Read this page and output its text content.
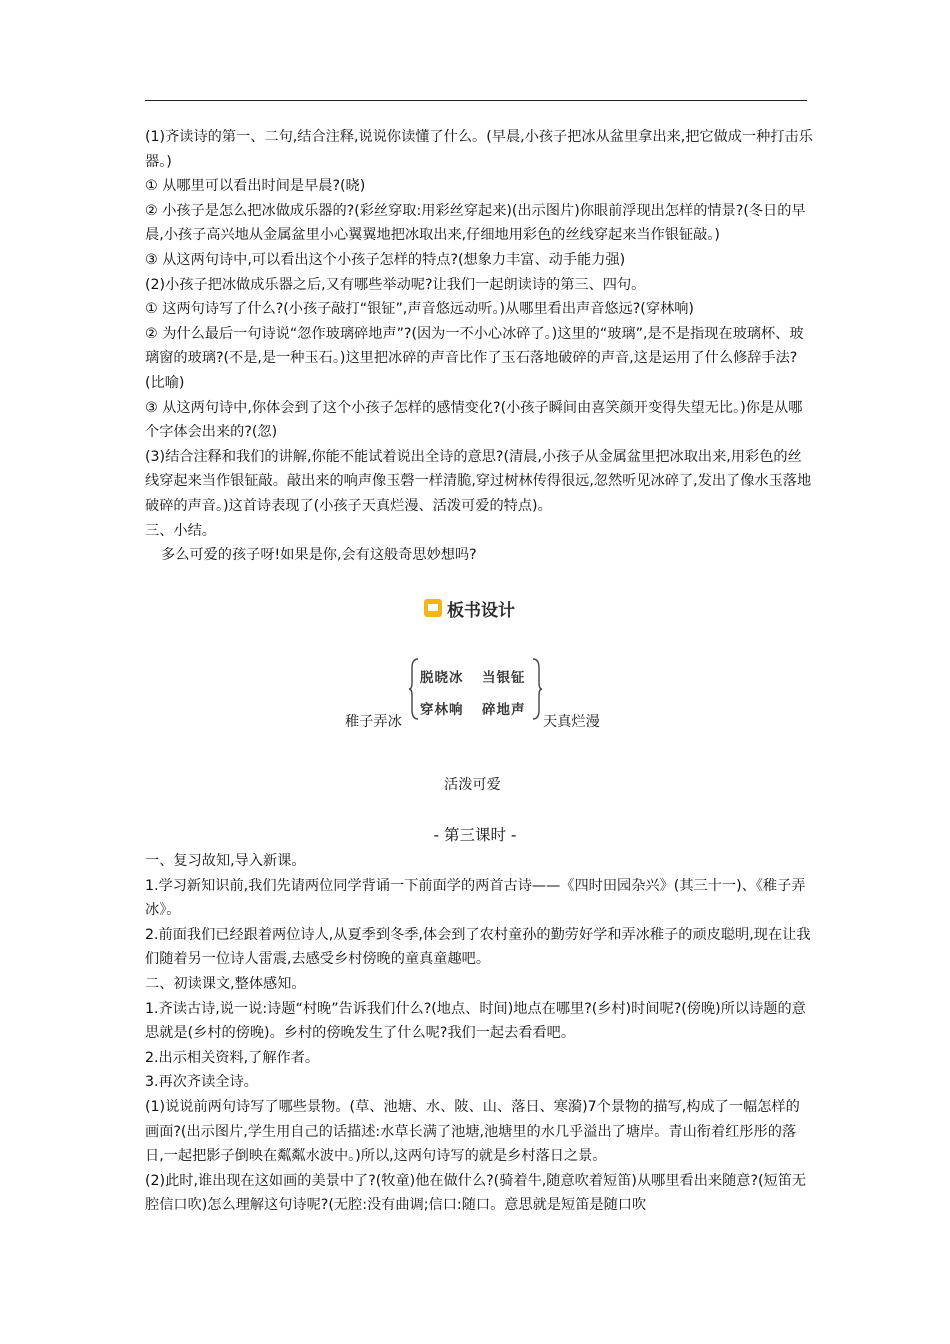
(1)齐读诗的第一、二句,结合注释,说说你读懂了什么。(早晨,小孩子把冰从盆里拿出来,把它做成一种打击乐器。)

① 从哪里可以看出时间是早晨?(晓)

② 小孩子是怎么把冰做成乐器的?(彩丝穿取:用彩丝穿起来)(出示图片)你眼前浮现出怎样的情景?(冬日的早晨,小孩子高兴地从金属盆里小心翼翼地把冰取出来,仔细地用彩色的丝线穿起来当作银钲敲。)

③ 从这两句诗中,可以看出这个小孩子怎样的特点?(想象力丰富、动手能力强)

(2)小孩子把冰做成乐器之后,又有哪些举动呢?让我们一起朗读诗的第三、四句。

① 这两句诗写了什么?(小孩子敲打“银钲”,声音悠远动听。)从哪里看出声音悠远?(穿林响)

② 为什么最后一句诗说“忽作玻璃碎地声”?(因为一不小心冰碎了。)这里的“玻璃”,是不是指现在玻璃杯、玻璃窗的玻璃?(不是,是一种玉石。)这里把冰碎的声音比作了玉石落地破碎的声音,这是运用了什么修辞手法?(比喻)

③ 从这两句诗中,你体会到了这个小孩子怎样的感情变化?(小孩子瞬间由喜笑颜开变得失望无比。)你是从哪个字体会出来的?(忽)

(3)结合注释和我们的讲解,你能不能试着说出全诗的意思?(清晨,小孩子从金属盆里把冰取出来,用彩色的丝线穿起来当作银钲敲。敲出来的响声像玉磬一样清脆,穿过树林传得很远,忽然听见冰碎了,发出了像水玉落地破碎的声音。)这首诗表现了(小孩子天真烂漫、活泼可爱的特点)。

三、小结。

多么可爱的孩子呀!如果是你,会有这般奇思妙想吗?

板书设计
脱晓冰 当银钲
穿林响 碎地声
稚子弄冰	天真烂漫
活泼可爱
- 第三课时 -

一、复习故知,导入新课。

1.学习新知识前,我们先请两位同学背诵一下前面学的两首古诗——《四时田园杂兴》(其三十一)、《稚子弄冰》。

2.前面我们已经跟着两位诗人,从夏季到冬季,体会到了农村童孙的勤劳好学和弄冰稚子的顽皮聪明,现在让我们随着另一位诗人雷震,去感受乡村傍晚的童真童趣吧。

二、初读课文,整体感知。

1.齐读古诗,说一说:诗题“村晚”告诉我们什么?(地点、时间)地点在哪里?(乡村)时间呢?(傍晚)所以诗题的意思就是(乡村的傍晚)。乡村的傍晚发生了什么呢?我们一起去看看吧。

2.出示相关资料,了解作者。

3.再次齐读全诗。

(1)说说前两句诗写了哪些景物。(草、池塘、水、陂、山、落日、寒漪)7个景物的描写,构成了一幅怎样的画面?(出示图片,学生用自己的话描述:水草长满了池塘,池塘里的水几乎溢出了塘岸。青山衔着红彤彤的落日,一起把影子倒映在粼粼水波中。)所以,这两句诗写的就是乡村落日之景。

(2)此时,谁出现在这如画的美景中了?(牧童)他在做什么?(骑着牛,随意吹着短笛)从哪里看出来随意?(短笛无腔信口吹)怎么理解这句诗呢?(无腔:没有曲调;信口:随口。意思就是短笛是随口吹
